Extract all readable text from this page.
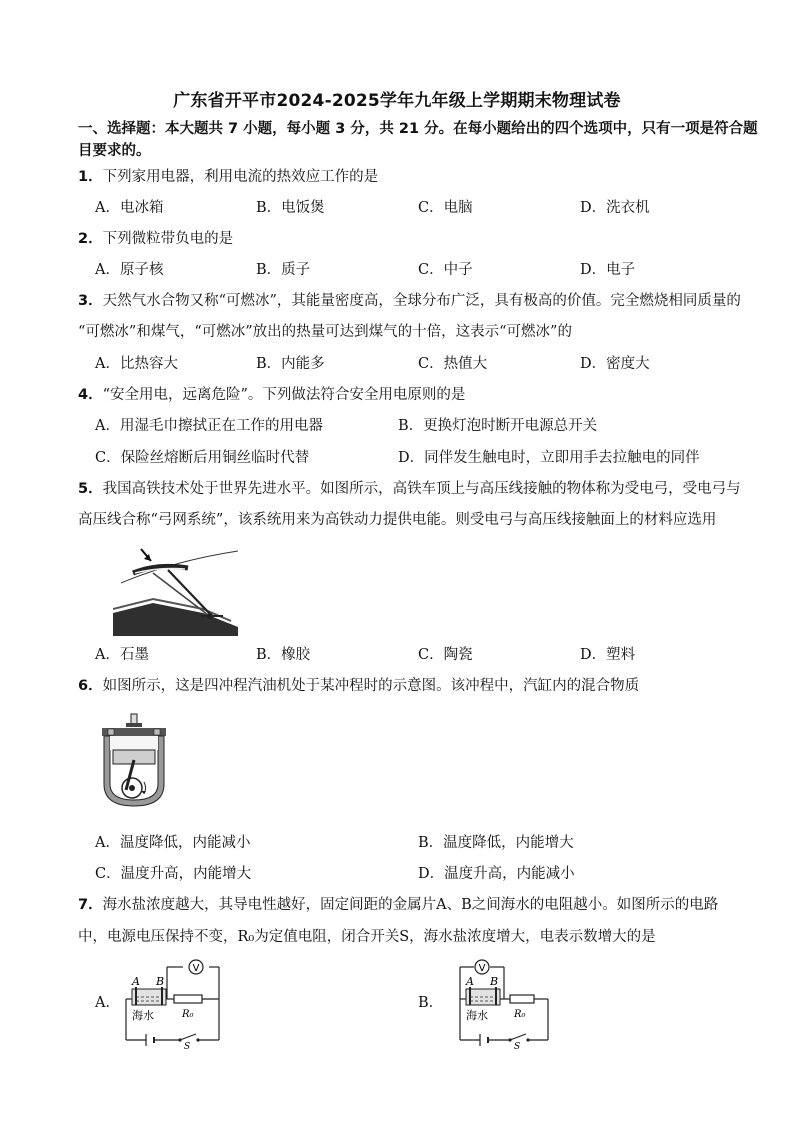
广东省开平市2024-2025学年九年级上学期期末物理试卷
一、选择题：本大题共 7 小题，每小题 3 分，共 21 分。在每小题给出的四个选项中，只有一项是符合题目要求的。
1．下列家用电器，利用电流的热效应工作的是
A．电冰箱	B．电饭煲	C．电脑	D．洗衣机
2．下列微粒带负电的是
A．原子核	B．质子	C．中子	D．电子
3．天然气水合物又称“可燃冰”，其能量密度高，全球分布广泛，具有极高的价值。完全燃烧相同质量的
“可燃冰”和煤气，“可燃冰”放出的热量可达到煤气的十倍，这表示“可燃冰”的
A．比热容大	B．内能多	C．热值大	D．密度大
4．“安全用电，远离危险”。下列做法符合安全用电原则的是
A．用湿毛巾擦拭正在工作的用电器	B．更换灯泡时断开电源总开关
C．保险丝熔断后用铜丝临时代替	D．同伴发生触电时，立即用手去拉触电的同伴
5．我国高铁技术处于世界先进水平。如图所示，高铁车顶上与高压线接触的物体称为受电弓，受电弓与
高压线合称“弓网系统”，该系统用来为高铁动力提供电能。则受电弓与高压线接触面上的材料应选用
A．石墨	B．橡胶	C．陶瓷	D．塑料
6．如图所示，这是四冲程汽油机处于某冲程时的示意图。该冲程中，汽缸内的混合物质
A．温度降低，内能减小	B．温度降低，内能增大
C．温度升高，内能增大	D．温度升高，内能减小
7．海水盐浓度越大，其导电性越好，固定间距的金属片A、B之间海水的电阻越小。如图所示的电路
中，电源电压保持不变，R₀为定值电阻，闭合开关S，海水盐浓度增大，电表示数增大的是
A．
V
A B
海水	R₀
S
B．
V
A B
海水	R₀
S
